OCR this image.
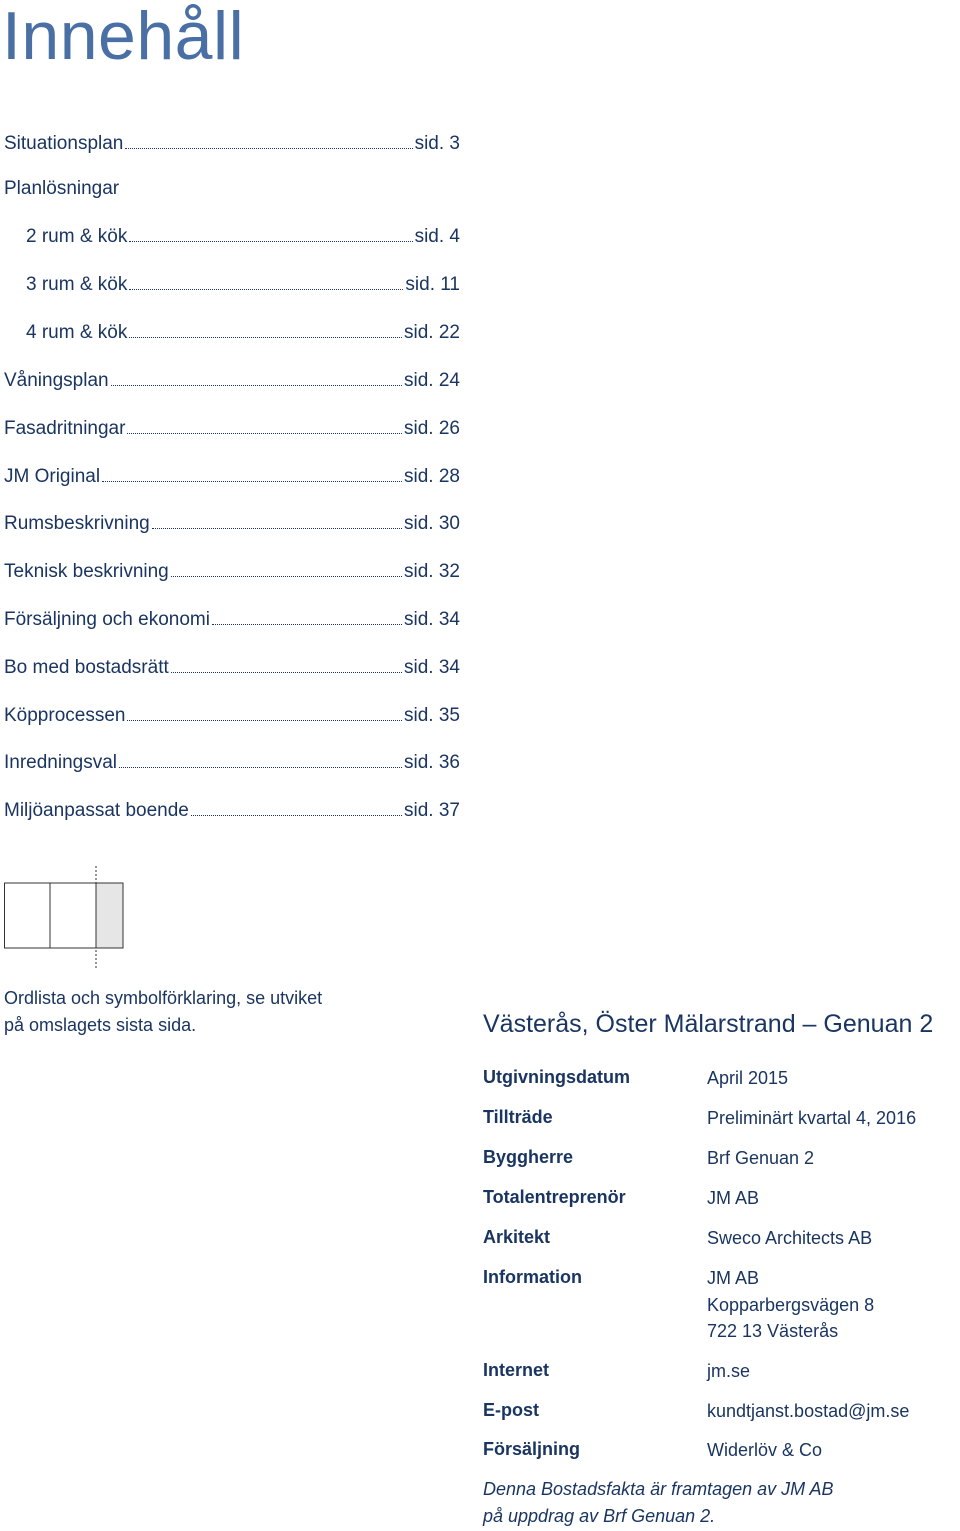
Innehåll
Situationsplan	sid. 3
Planlösningar
2 rum & kök	sid. 4
3 rum & kök	sid. 11
4 rum & kök	sid. 22
Våningsplan	sid. 24
Fasadritningar	sid. 26
JM Original	sid. 28
Rumsbeskrivning	sid. 30
Teknisk beskrivning	sid. 32
Försäljning och ekonomi	sid. 34
Bo med bostadsrätt	sid. 34
Köpprocessen	sid. 35
Inredningsval	sid. 36
Miljöanpassat boende	sid. 37
Ordlista och symbolförklaring, se utviket
på omslagets sista sida.	Västerås, Öster Mälarstrand – Genuan 2
Utgivningsdatum	April 2015
Tillträde	Preliminärt kvartal 4, 2016
Byggherre	Brf Genuan 2
Totalentreprenör	JM AB
Arkitekt	Sweco Architects AB
Information	JM AB
Kopparbergsvägen 8
722 13 Västerås
Internet	jm.se
E-post	kundtjanst.bostad@jm.se
Försäljning	Widerlöv & Co
Denna Bostadsfakta är framtagen av JM AB
på uppdrag av Brf Genuan 2.
